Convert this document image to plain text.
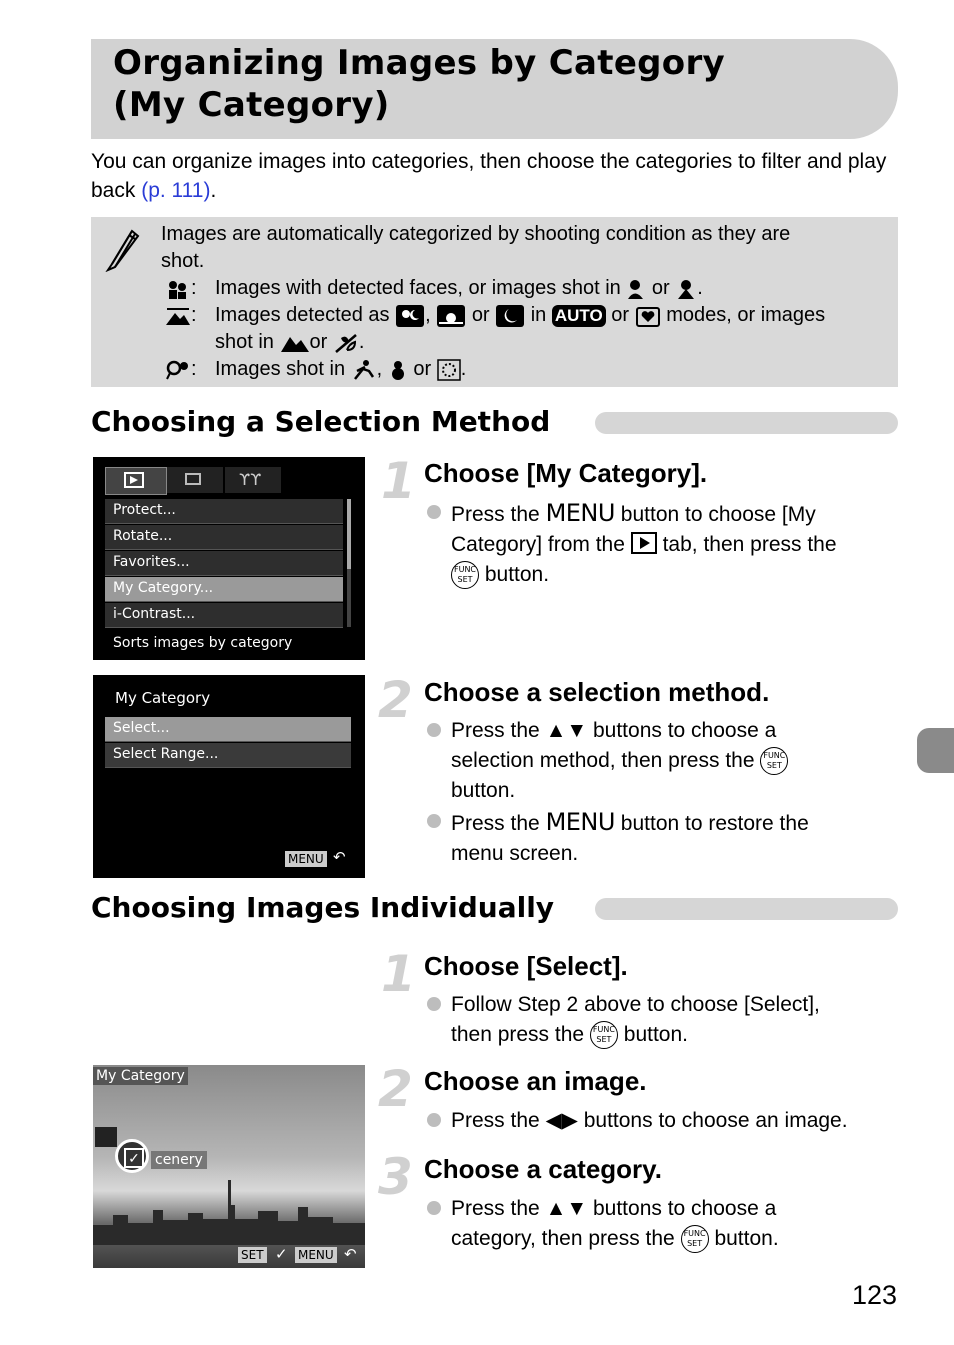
Organizing Images by Category
(My Category)
You can organize images into categories, then choose the categories to filter and play back (p. 111).
Images are automatically categorized by shooting condition as they are
shot.
: Images with detected faces, or images shot in or .
: Images detected as , or in AUTO or modes, or images
shot in or .
: Images shot in , or .
Choosing a Selection Method
ϒϒ
Protect...
Rotate...
Favorites...
My Category...
i-Contrast...
Sorts images by category
1 Choose [My Category].
Press the MENU button to choose [My
Category] from the tab, then press the
FUNC
SET button.
My Category
Select...
Select Range...
MENU ↶
2 Choose a selection method.
Press the ▲▼ buttons to choose a
selection method, then press the FUNC
SET
button.
Press the MENU button to restore the
menu screen.
Choosing Images Individually
1 Choose [Select].
Follow Step 2 above to choose [Select],
then press the FUNC
SET button.
My Category
✓ cenery
SET ✓ MENU ↶
2 Choose an image.
Press the ◀▶ buttons to choose an image.
3 Choose a category.
Press the ▲▼ buttons to choose a
category, then press the FUNC
SET button.
123
